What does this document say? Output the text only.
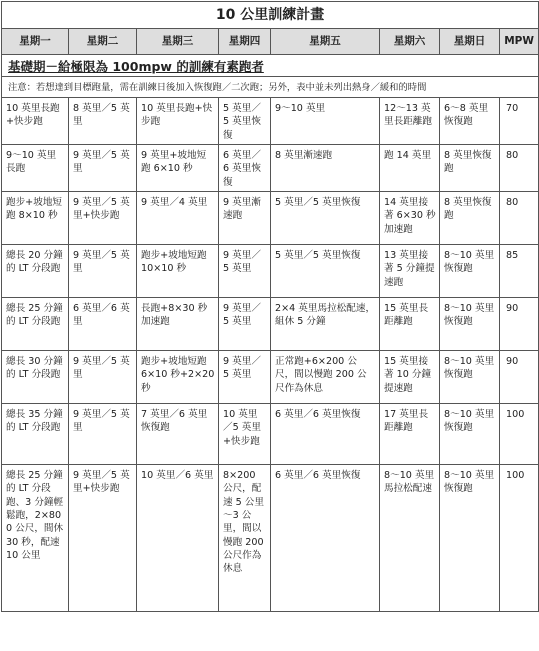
10 公里訓練計畫							
星期一	星期二	星期三	星期四	星期五	星期六	星期日	MPW
基礎期－給極限為 100mpw 的訓練有素跑者							
注意：若想達到目標跑量，需在訓練日後加入恢復跑／二次跑；另外，表中並未列出熱身／緩和的時間							
10 英里長跑+快步跑	8 英里／5 英里	10 英里長跑+快步跑	5 英里／5 英里恢復	9～10 英里	12～13 英里長距離跑	6～8 英里恢復跑	70
9～10 英里長跑	9 英里／5 英里	9 英里+坡地短跑 6×10 秒	6 英里／6 英里恢復	8 英里漸速跑	跑 14 英里	8 英里恢復跑	80
跑步+坡地短跑 8×10 秒	9 英里／5 英里+快步跑	9 英里／4 英里	9 英里漸速跑	5 英里／5 英里恢復	14 英里接著 6×30 秒加速跑	8 英里恢復跑	80
總長 20 分鐘的 LT 分段跑	9 英里／5 英里	跑步+坡地短跑 10×10 秒	9 英里／5 英里	5 英里／5 英里恢復	13 英里接著 5 分鐘提速跑	8～10 英里恢復跑	85
總長 25 分鐘的 LT 分段跑	6 英里／6 英里	長跑+8×30 秒加速跑	9 英里／5 英里	2×4 英里馬拉松配速，組休 5 分鐘	15 英里長距離跑	8～10 英里恢復跑	90
總長 30 分鐘的 LT 分段跑	9 英里／5 英里	跑步+坡地短跑 6×10 秒+2×20 秒	9 英里／5 英里	正常跑+6×200 公尺，間以慢跑 200 公尺作為休息	15 英里接著 10 分鐘提速跑	8～10 英里恢復跑	90
總長 35 分鐘的 LT 分段跑	9 英里／5 英里	7 英里／6 英里恢復跑	10 英里／5 英里+快步跑	6 英里／6 英里恢復	17 英里長距離跑	8～10 英里恢復跑	100
總長 25 分鐘的 LT 分段跑、3 分鐘輕鬆跑，2×800 公尺，間休 30 秒，配速 10 公里	9 英里／5 英里+快步跑	10 英里／6 英里	8×200 公尺，配速 5 公里～3 公里，間以慢跑 200 公尺作為休息	6 英里／6 英里恢復	8～10 英里馬拉松配速	8～10 英里恢復跑	100
